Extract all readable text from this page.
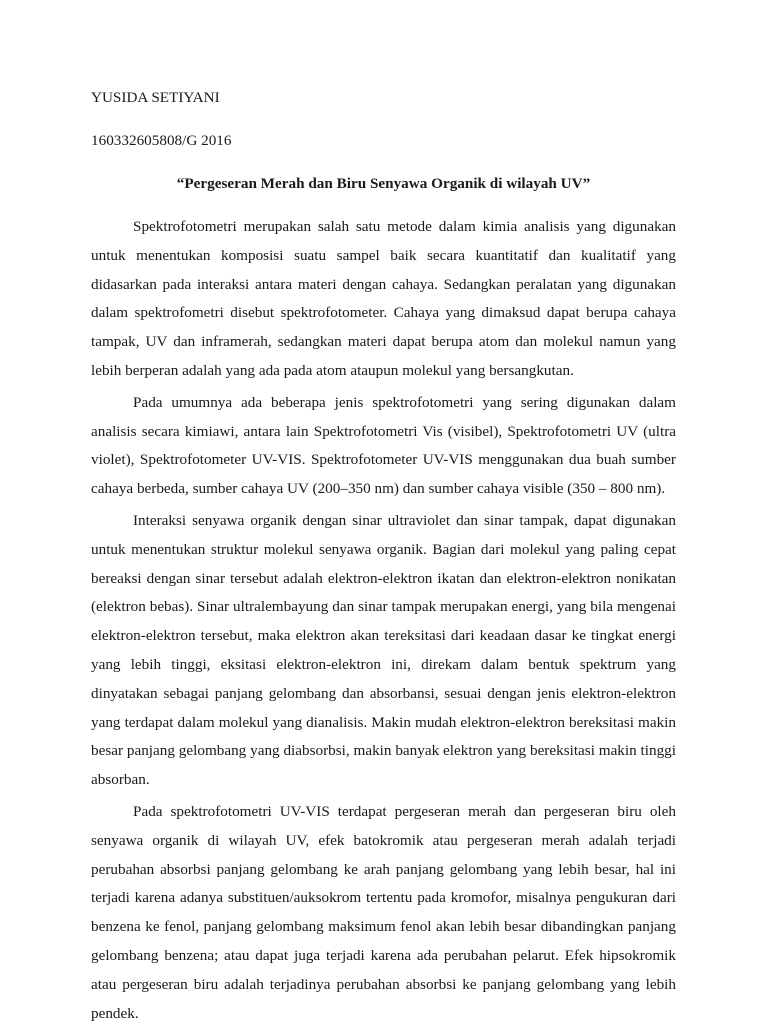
YUSIDA SETIYANI

160332605808/G 2016

“Pergeseran Merah dan Biru Senyawa Organik di wilayah UV”

Spektrofotometri merupakan salah satu metode dalam kimia analisis yang digunakan untuk menentukan komposisi suatu sampel baik secara kuantitatif dan kualitatif yang didasarkan pada interaksi antara materi dengan cahaya. Sedangkan peralatan yang digunakan dalam spektrofometri disebut spektrofotometer. Cahaya yang dimaksud dapat berupa cahaya tampak, UV dan inframerah, sedangkan materi dapat berupa atom dan molekul namun yang lebih berperan adalah yang ada pada atom ataupun molekul yang bersangkutan.

Pada umumnya ada beberapa jenis spektrofotometri yang sering digunakan dalam analisis secara kimiawi, antara lain Spektrofotometri Vis (visibel), Spektrofotometri UV (ultra violet), Spektrofotometer UV-VIS. Spektrofotometer UV-VIS menggunakan dua buah sumber cahaya berbeda, sumber cahaya UV (200–350 nm) dan sumber cahaya visible (350 – 800 nm).

Interaksi senyawa organik dengan sinar ultraviolet dan sinar tampak, dapat digunakan untuk menentukan struktur molekul senyawa organik. Bagian dari molekul yang paling cepat bereaksi dengan sinar tersebut adalah elektron-elektron ikatan dan elektron-elektron nonikatan (elektron bebas). Sinar ultralembayung dan sinar tampak merupakan energi, yang bila mengenai elektron-elektron tersebut, maka elektron akan tereksitasi dari keadaan dasar ke tingkat energi yang lebih tinggi, eksitasi elektron-elektron ini, direkam dalam bentuk spektrum yang dinyatakan sebagai panjang gelombang dan absorbansi, sesuai dengan jenis elektron-elektron yang terdapat dalam molekul yang dianalisis. Makin mudah elektron-elektron bereksitasi makin besar panjang gelombang yang diabsorbsi, makin banyak elektron yang bereksitasi makin tinggi absorban.

Pada spektrofotometri UV-VIS terdapat pergeseran merah dan pergeseran biru oleh senyawa organik di wilayah UV, efek batokromik atau pergeseran merah adalah terjadi perubahan absorbsi panjang gelombang ke arah panjang gelombang yang lebih besar, hal ini terjadi karena adanya substituen/auksokrom tertentu pada kromofor, misalnya pengukuran dari benzena ke fenol, panjang gelombang maksimum fenol akan lebih besar dibandingkan panjang gelombang benzena; atau dapat juga terjadi karena ada perubahan pelarut. Efek hipsokromik atau pergeseran biru adalah terjadinya perubahan absorbsi ke panjang gelombang yang lebih pendek.
